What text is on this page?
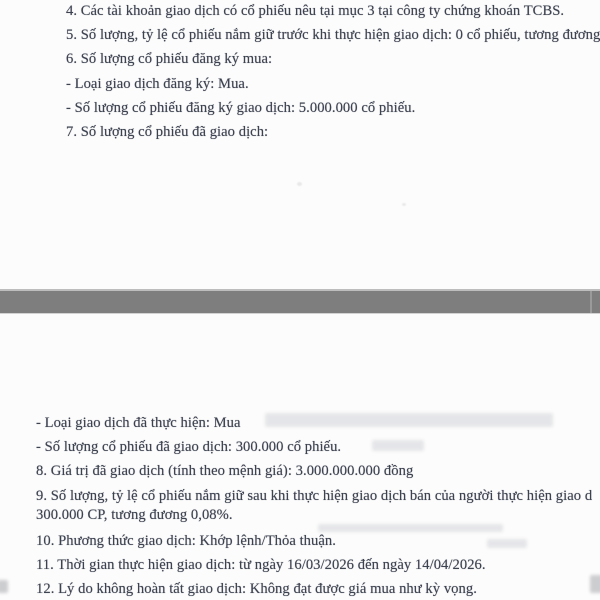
4. Các tài khoản giao dịch có cổ phiếu nêu tại mục 3 tại công ty chứng khoán TCBS.

5. Số lượng, tỷ lệ cổ phiếu nắm giữ trước khi thực hiện giao dịch: 0 cổ phiếu, tương đương

6. Số lượng cổ phiếu đăng ký mua:

- Loại giao dịch đăng ký: Mua.

- Số lượng cổ phiếu đăng ký giao dịch: 5.000.000 cổ phiếu.

7. Số lượng cổ phiếu đã giao dịch:

- Loại giao dịch đã thực hiện: Mua

- Số lượng cổ phiếu đã giao dịch: 300.000 cổ phiếu.

8. Giá trị đã giao dịch (tính theo mệnh giá): 3.000.000.000 đồng

9. Số lượng, tỷ lệ cổ phiếu nắm giữ sau khi thực hiện giao dịch bán của người thực hiện giao d

300.000 CP, tương đương 0,08%.

10. Phương thức giao dịch: Khớp lệnh/Thỏa thuận.

11. Thời gian thực hiện giao dịch: từ ngày 16/03/2026 đến ngày 14/04/2026.

12. Lý do không hoàn tất giao dịch: Không đạt được giá mua như kỳ vọng.
